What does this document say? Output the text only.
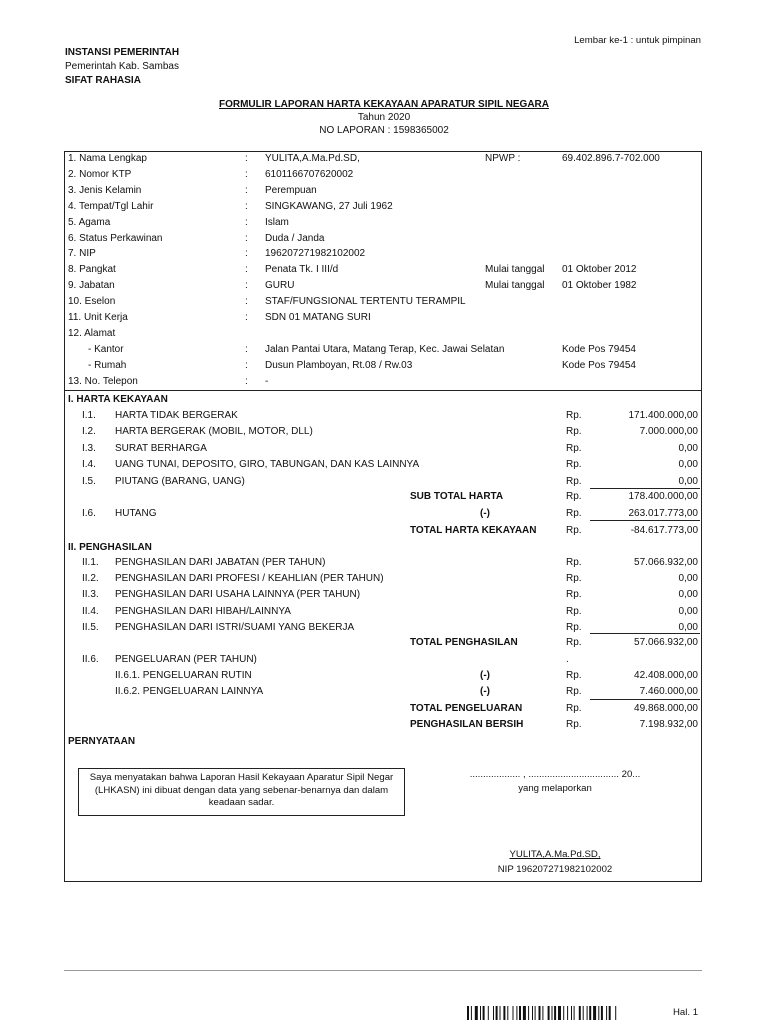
Lembar ke-1 : untuk pimpinan
INSTANSI PEMERINTAH
Pemerintah Kab. Sambas
SIFAT RAHASIA
FORMULIR LAPORAN HARTA KEKAYAAN APARATUR SIPIL NEGARA
Tahun 2020
NO LAPORAN : 1598365002
1. Nama Lengkap	: YULITA,A.Ma.Pd.SD,	NPWP :	69.402.896.7-702.000
2. Nomor KTP	: 6101166707620002
3. Jenis Kelamin	: Perempuan
4. Tempat/Tgl Lahir	: SINGKAWANG, 27 Juli 1962
5. Agama	: Islam
6. Status Perkawinan	: Duda / Janda
7. NIP	: 196207271982102002
8. Pangkat	: Penata Tk. I III/d	Mulai tanggal 01 Oktober 2012
9. Jabatan	: GURU	Mulai tanggal 01 Oktober 1982
10. Eselon	: STAF/FUNGSIONAL TERTENTU TERAMPIL
11. Unit Kerja	: SDN 01 MATANG SURI
12. Alamat
- Kantor	: Jalan Pantai Utara, Matang Terap, Kec. Jawai Selatan	Kode Pos 79454
- Rumah	: Dusun Plamboyan, Rt.08 / Rw.03	Kode Pos 79454
13. No. Telepon	: -
I. HARTA KEKAYAAN
I.1. HARTA TIDAK BERGERAK	Rp.	171.400.000,00
I.2. HARTA BERGERAK (MOBIL, MOTOR, DLL)	Rp.	7.000.000,00
I.3. SURAT BERHARGA	Rp.	0,00
I.4. UANG TUNAI, DEPOSITO, GIRO, TABUNGAN, DAN KAS LAINNYA	Rp.	0,00
I.5. PIUTANG (BARANG, UANG)	Rp.	0,00
SUB TOTAL HARTA	Rp.	178.400.000,00
I.6. HUTANG	(-)	Rp.	263.017.773,00
TOTAL HARTA KEKAYAAN	Rp.	-84.617.773,00
II. PENGHASILAN
II.1. PENGHASILAN DARI JABATAN (PER TAHUN)	Rp.	57.066.932,00
II.2. PENGHASILAN DARI PROFESI / KEAHLIAN (PER TAHUN)	Rp.	0,00
II.3. PENGHASILAN DARI USAHA LAINNYA (PER TAHUN)	Rp.	0,00
II.4. PENGHASILAN DARI HIBAH/LAINNYA	Rp.	0,00
II.5. PENGHASILAN DARI ISTRI/SUAMI YANG BEKERJA	Rp.	0,00
TOTAL PENGHASILAN	Rp.	57.066.932,00
II.6. PENGELUARAN (PER TAHUN)	.
II.6.1. PENGELUARAN RUTIN	(-)	Rp.	42.408.000,00
II.6.2. PENGELUARAN LAINNYA	(-)	Rp.	7.460.000,00
TOTAL PENGELUARAN	Rp.	49.868.000,00
PENGHASILAN BERSIH	Rp.	7.198.932,00
PERNYATAAN
Saya menyatakan bahwa Laporan Hasil Kekayaan Aparatur Sipil Negar (LHKASN) ini dibuat dengan data yang sebenar-benarnya dan dalam keadaan sadar.
................... , .................................. 20...
yang melaporkan
YULITA,A.Ma.Pd.SD,
NIP 196207271982102002
Hal. 1
